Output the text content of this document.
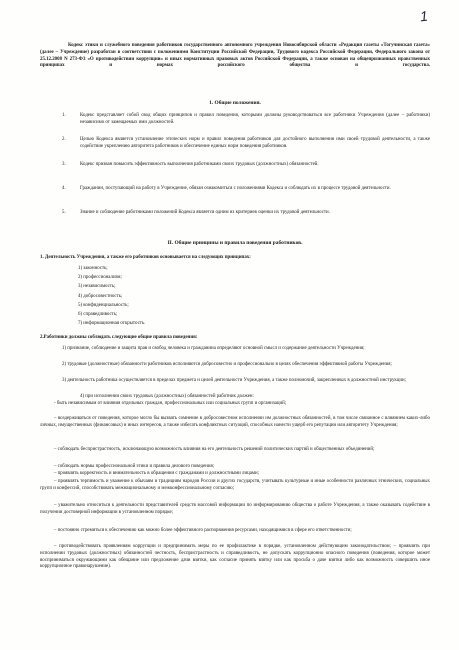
1
Кодекс этики и служебного поведения работников государственного автономного учреждения Новосибирской области «Редакция газеты «Тогучинская газета» (далее – Учреждение) разработан в соответствии с положениями Конституции Российской Федерации, Трудового кодекса Российской Федерации, Федерального закона от 25.12.2008 N 273-ФЗ «О противодействии коррупции» и иных нормативных правовых актов Российской Федерации, а также основан на общепризнанных нравственных принципах и нормах российского общества и государства.
1. Общие положения.
1.	Кодекс представляет собой свод общих принципов и правил поведения, которыми должны руководствоваться все работники Учреждения (далее – работники) независимо от замещаемых ими должностей.
2.	Целью Кодекса является установление этических норм и правил поведения работников для достойного выполнения ими своей трудовой деятельности, а также содействие укреплению авторитета работников и обеспечение единых норм поведения работников.
3.	Кодекс призван повысить эффективность выполнения работниками своих трудовых (должностных) обязанностей.
4.	Гражданин, поступающий на работу в Учреждение, обязан ознакомиться с положениями Кодекса и соблюдать их в процессе трудовой деятельности.
5.	Знание и соблюдение работниками положений Кодекса является одним из критериев оценки их трудовой деятельности.
II. Общие принципы и правила поведения работников.
1. Деятельность Учреждения, а также его работников основывается на следующих принципах:
1) законность;
2) профессионализм;
3) независимость;
4) добросовестность;
5) конфиденциальность;
6) справедливость;
7) информационная открытость.
2.Работники должны соблюдать следующие общие правила поведения:
1) признание, соблюдение и защита прав и свобод человека и гражданина определяют основной смысл и содержание деятельности Учреждения;
2) трудовые (должностные) обязанности работников исполняются добросовестно и профессионально в целях обеспечения эффективной работы Учреждения;
3) деятельность работника осуществляется в пределах предмета и целей деятельности Учреждения, а также полномочий, закрепленных в должностной инструкции;
4) при исполнении своих трудовых (должностных) обязанностей работник должен:
- быть независимым от влияния отдельных граждан, профессиональных или социальных групп и организаций;
– воздерживаться от поведения, которое могло бы вызвать сомнение в добросовестном исполнении им должностных обязанностей, в том числе связанное с влиянием каких-либо личных, имущественных (финансовых) и иных интересов, а также избегать конфликтных ситуаций, способных нанести ущерб его репутации или авторитету Учреждения;
– соблюдать беспристрастность, исключающую возможность влияния на его деятельность решений политических партий и общественных объединений;
– соблюдать нормы профессиональной этики и правила делового поведения;
– проявлять корректность и внимательность в обращении с гражданами и должностными лицами;
– проявлять терпимость и уважение к обычаям и традициям народов России и других государств, учитывать культурные и иные особенности различных этнических, социальных групп и конфессий, способствовать межнациональному и межконфессиональному согласию;
– уважительно относиться к деятельности представителей средств массовой информации по информированию общества о работе Учреждения, а также оказывать содействие в получении достоверной информации в установленном порядке;
– постоянно стремиться к обеспечению как можно более эффективного распоряжения ресурсами, находящимися в сфере его ответственности;
– противодействовать проявлениям коррупции и предпринимать меры по ее профилактике в порядке, установленном действующим законодательством; – проявлять при исполнении трудовых (должностных) обязанностей честность, беспристрастность и справедливость, не допускать коррупционно опасного поведения (поведения, которое может восприниматься окружающими как обещание или предложение дачи взятки, как согласие принять взятку или как просьба о даче взятки либо как возможность совершить иное коррупционное правонарушение).
